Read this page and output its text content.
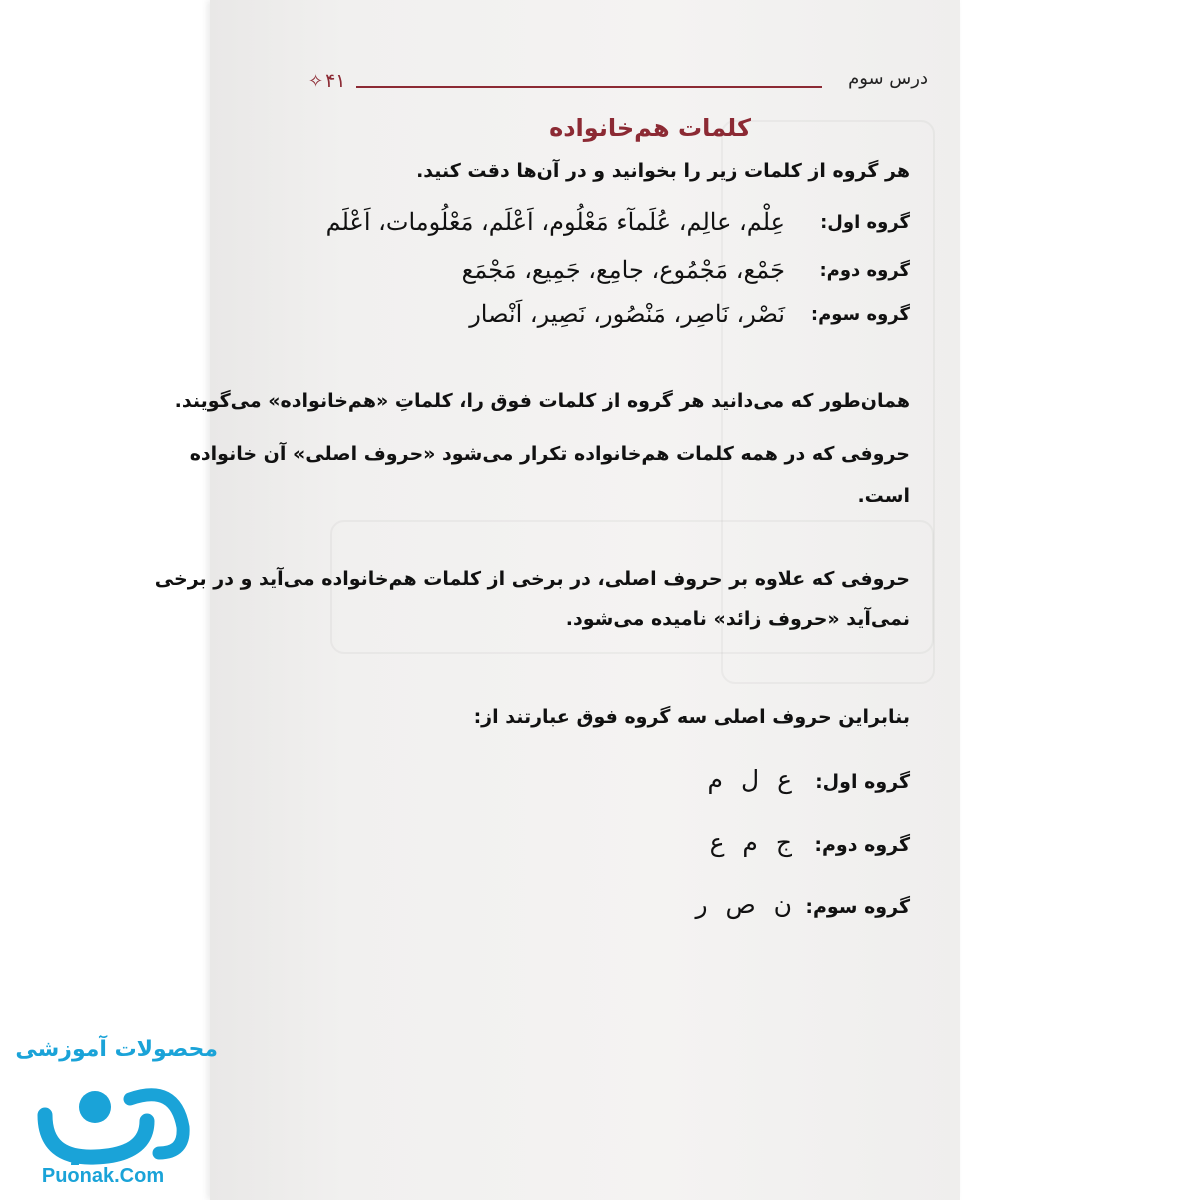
درس سوم
✧ ۴۱
کلمات هم‌خانواده
هر گروه از کلمات زیر را بخوانید و در آن‌ها دقت کنید.
گروه اول:
عِلْم، عالِم، عُلَمآء مَعْلُوم، اَعْلَم، مَعْلُومات، اَعْلَم
گروه دوم:
جَمْع، مَجْمُوع، جامِع، جَمِیع، مَجْمَع
گروه سوم:
نَصْر، نَاصِر، مَنْصُور، نَصِیر، اَنْصار
همان‌طور که می‌دانید هر گروه از کلمات فوق را، کلماتِ «هم‌خانواده» می‌گویند.
حروفی که در همه کلمات هم‌خانواده تکرار می‌شود «حروف اصلی» آن خانواده
است.
حروفی که علاوه بر حروف اصلی، در برخی از کلمات هم‌خانواده می‌آید و در برخی
نمی‌آید «حروف زائد» نامیده می‌شود.
بنابراین حروف اصلی سه گروه فوق عبارتند از:
گروه اول:
ع ل م
گروه دوم:
ج م ع
گروه سوم:
ن ص ر
محصولات آموزشی
Puonak.Com
